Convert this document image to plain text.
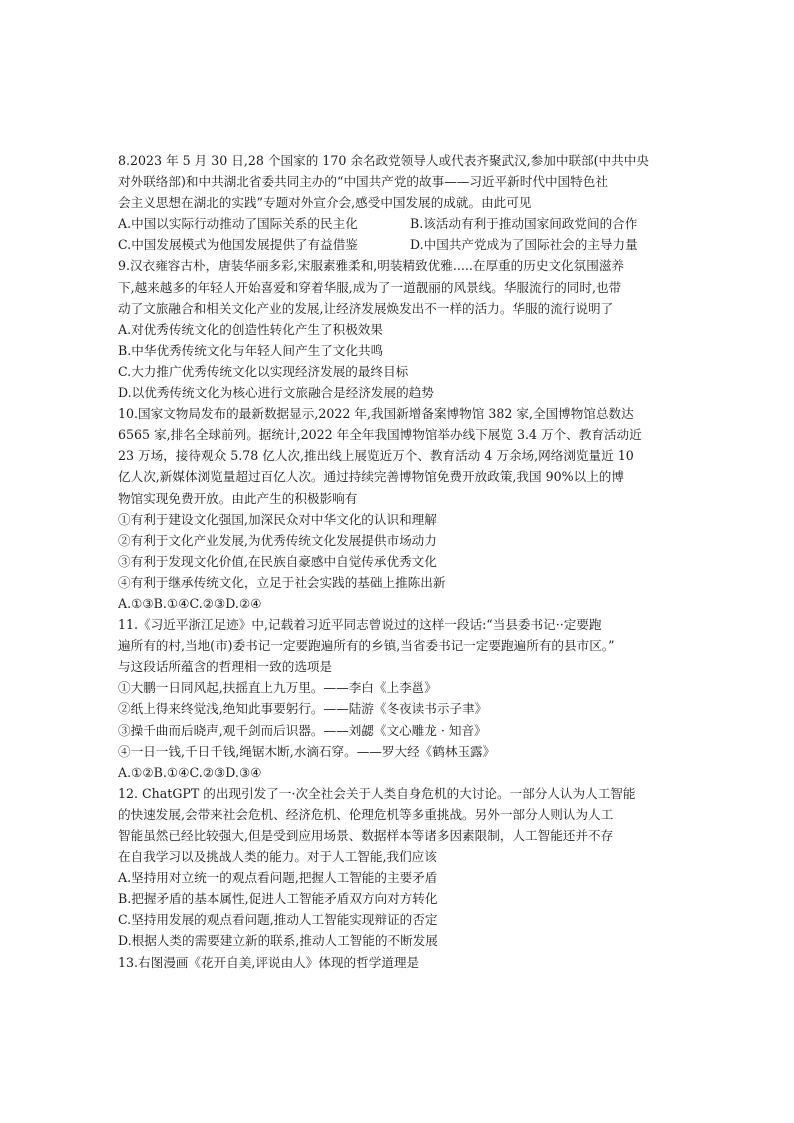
8.2023 年 5 月 30 日,28 个国家的 170 余名政党领导人或代表齐聚武汉,参加中联部(中共中央
对外联络部)和中共湖北省委共同主办的“中国共产党的故事——习近平新时代中国特色社
会主义思想在湖北的实践”专题对外宣介会,感受中国发展的成就。由此可见
A.中国以实际行动推动了国际关系的民主化	B.该活动有利于推动国家间政党间的合作
C.中国发展模式为他国发展提供了有益借鉴	D.中国共产党成为了国际社会的主导力量
9.汉衣雍容古朴，唐装华丽多彩,宋服素雅柔和,明装精致优雅.....在厚重的历史文化氛围滋养
下,越来越多的年轻人开始喜爱和穿着华服,成为了一道靓丽的风景线。华服流行的同时,也带
动了文旅融合和相关文化产业的发展,让经济发展焕发出不一样的活力。华服的流行说明了
A.对优秀传统文化的创造性转化产生了积极效果
B.中华优秀传统文化与年轻人间产生了文化共鸣
C.大力推广优秀传统文化以实现经济发展的最终目标
D.以优秀传统文化为核心进行文旅融合是经济发展的趋势
10.国家文物局发布的最新数据显示,2022 年,我国新增备案博物馆 382 家,全国博物馆总数达
6565 家,排名全球前列。据统计,2022 年全年我国博物馆举办线下展览 3.4 万个、教育活动近
23 万场，接待观众 5.78 亿人次,推出线上展览近万个、教育活动 4 万余场,网络浏览量近 10
亿人次,新媒体浏览量超过百亿人次。通过持续完善博物馆免费开放政策,我国 90%以上的博
物馆实现免费开放。由此产生的积极影响有
①有利于建设文化强国,加深民众对中华文化的认识和理解
②有利于文化产业发展,为优秀传统文化发展提供市场动力
③有利于发现文化价值,在民族自豪感中自觉传承优秀文化
④有利于继承传统文化，立足于社会实践的基础上推陈出新
A.①③B.①④C.②③D.②④
11.《习近平浙江足迹》中,记载着习近平同志曾说过的这样一段话:“当县委书记··定要跑
遍所有的村,当地(市)委书记一定要跑遍所有的乡镇,当省委书记一定要跑遍所有的县市区。”
与这段话所蕴含的哲理相一致的选项是
①大鹏一日同风起,扶摇直上九万里。——李白《上李邕》
②纸上得来终觉浅,绝知此事要躬行。——陆游《冬夜读书示子聿》
③操千曲而后晓声,观千剑而后识器。——刘勰《文心雕龙 · 知音》
④一日一钱,千日千钱,绳锯木断,水滴石穿。——罗大经《鹤林玉露》
A.①②B.①④C.②③D.③④
12. ChatGPT 的出现引发了一·次全社会关于人类自身危机的大讨论。一部分人认为人工智能
的快速发展,会带来社会危机、经济危机、伦理危机等多重挑战。另外一部分人则认为人工
智能虽然已经比较强大,但是受到应用场景、数据样本等诸多因素限制，人工智能还并不存
在自我学习以及挑战人类的能力。对于人工智能,我们应该
A.坚持用对立统一的观点看问题,把握人工智能的主要矛盾
B.把握矛盾的基本属性,促进人工智能矛盾双方向对方转化
C.坚持用发展的观点看问题,推动人工智能实现辩证的否定
D.根据人类的需要建立新的联系,推动人工智能的不断发展
13.右图漫画《花开自美,评说由人》体现的哲学道理是
